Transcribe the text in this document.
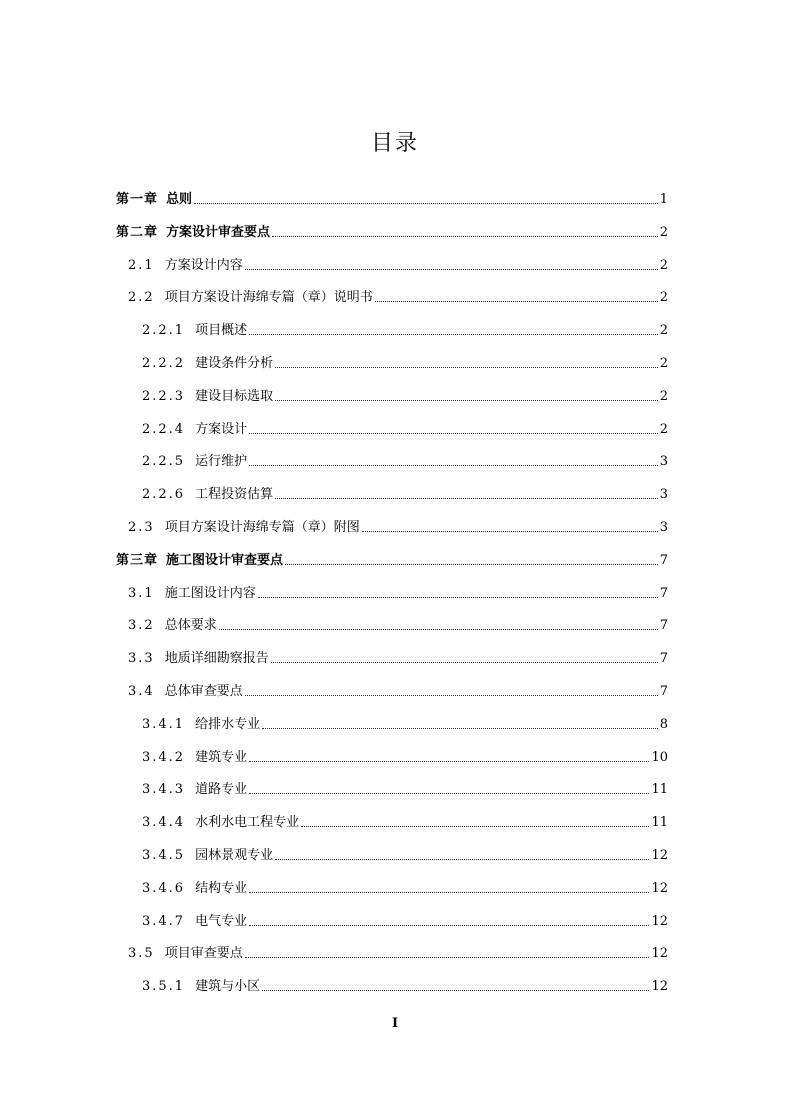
目录
第一章 总则	1
第二章 方案设计审查要点	2
2.1 方案设计内容	2
2.2 项目方案设计海绵专篇（章）说明书	2
2.2.1 项目概述	2
2.2.2 建设条件分析	2
2.2.3 建设目标选取	2
2.2.4 方案设计	2
2.2.5 运行维护	3
2.2.6 工程投资估算	3
2.3 项目方案设计海绵专篇（章）附图	3
第三章 施工图设计审查要点	7
3.1 施工图设计内容	7
3.2 总体要求	7
3.3 地质详细勘察报告	7
3.4 总体审查要点	7
3.4.1 给排水专业	8
3.4.2 建筑专业	10
3.4.3 道路专业	11
3.4.4 水利水电工程专业	11
3.4.5 园林景观专业	12
3.4.6 结构专业	12
3.4.7 电气专业	12
3.5 项目审查要点	12
3.5.1 建筑与小区	12
I
